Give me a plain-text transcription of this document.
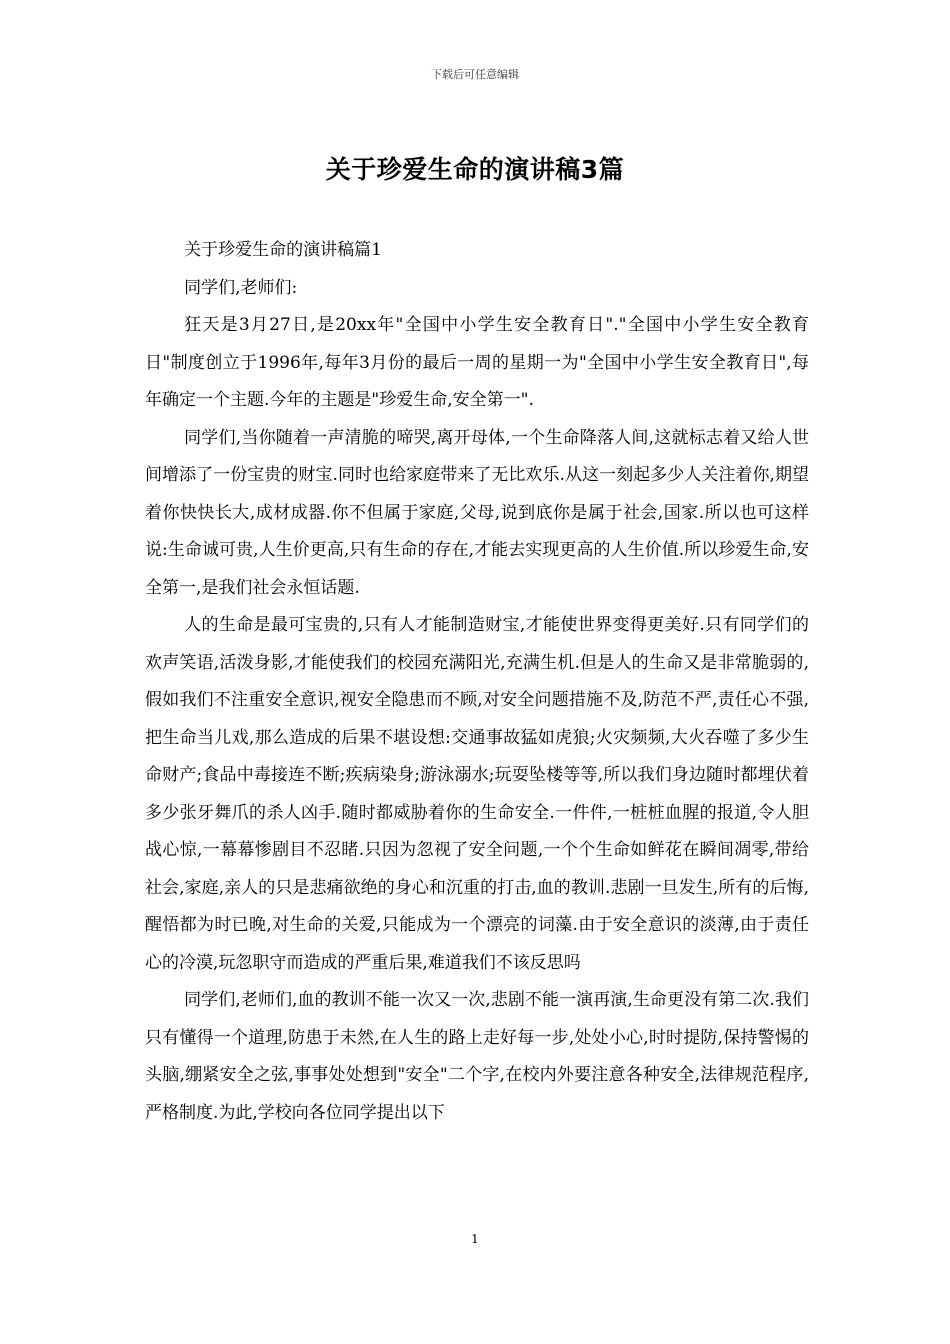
下载后可任意编辑
关于珍爱生命的演讲稿3篇

关于珍爱生命的演讲稿篇1

同学们,老师们:

狂天是3月27日,是20xx年"全国中小学生安全教育日"."全国中小学生安全教育日"制度创立于1996年,每年3月份的最后一周的星期一为"全国中小学生安全教育日",每年确定一个主题.今年的主题是"珍爱生命,安全第一".

同学们,当你随着一声清脆的啼哭,离开母体,一个生命降落人间,这就标志着又给人世间增添了一份宝贵的财宝.同时也给家庭带来了无比欢乐.从这一刻起多少人关注着你,期望着你快快长大,成材成器.你不但属于家庭,父母,说到底你是属于社会,国家.所以也可这样说:生命诚可贵,人生价更高,只有生命的存在,才能去实现更高的人生价值.所以珍爱生命,安全第一,是我们社会永恒话题.

人的生命是最可宝贵的,只有人才能制造财宝,才能使世界变得更美好.只有同学们的欢声笑语,活泼身影,才能使我们的校园充满阳光,充满生机.但是人的生命又是非常脆弱的,假如我们不注重安全意识,视安全隐患而不顾,对安全问题措施不及,防范不严,责任心不强,把生命当儿戏,那么造成的后果不堪设想:交通事故猛如虎狼;火灾频频,大火吞噬了多少生命财产;食品中毒接连不断;疾病染身;游泳溺水;玩耍坠楼等等,所以我们身边随时都埋伏着多少张牙舞爪的杀人凶手.随时都威胁着你的生命安全.一件件,一桩桩血腥的报道,令人胆战心惊,一幕幕惨剧目不忍睹.只因为忽视了安全问题,一个个生命如鲜花在瞬间凋零,带给社会,家庭,亲人的只是悲痛欲绝的身心和沉重的打击,血的教训.悲剧一旦发生,所有的后悔,醒悟都为时已晚,对生命的关爱,只能成为一个漂亮的词藻.由于安全意识的淡薄,由于责任心的冷漠,玩忽职守而造成的严重后果,难道我们不该反思吗

同学们,老师们,血的教训不能一次又一次,悲剧不能一演再演,生命更没有第二次.我们只有懂得一个道理,防患于未然,在人生的路上走好每一步,处处小心,时时提防,保持警惕的头脑,绷紧安全之弦,事事处处想到"安全"二个字,在校内外要注意各种安全,法律规范程序,严格制度.为此,学校向各位同学提出以下

1
